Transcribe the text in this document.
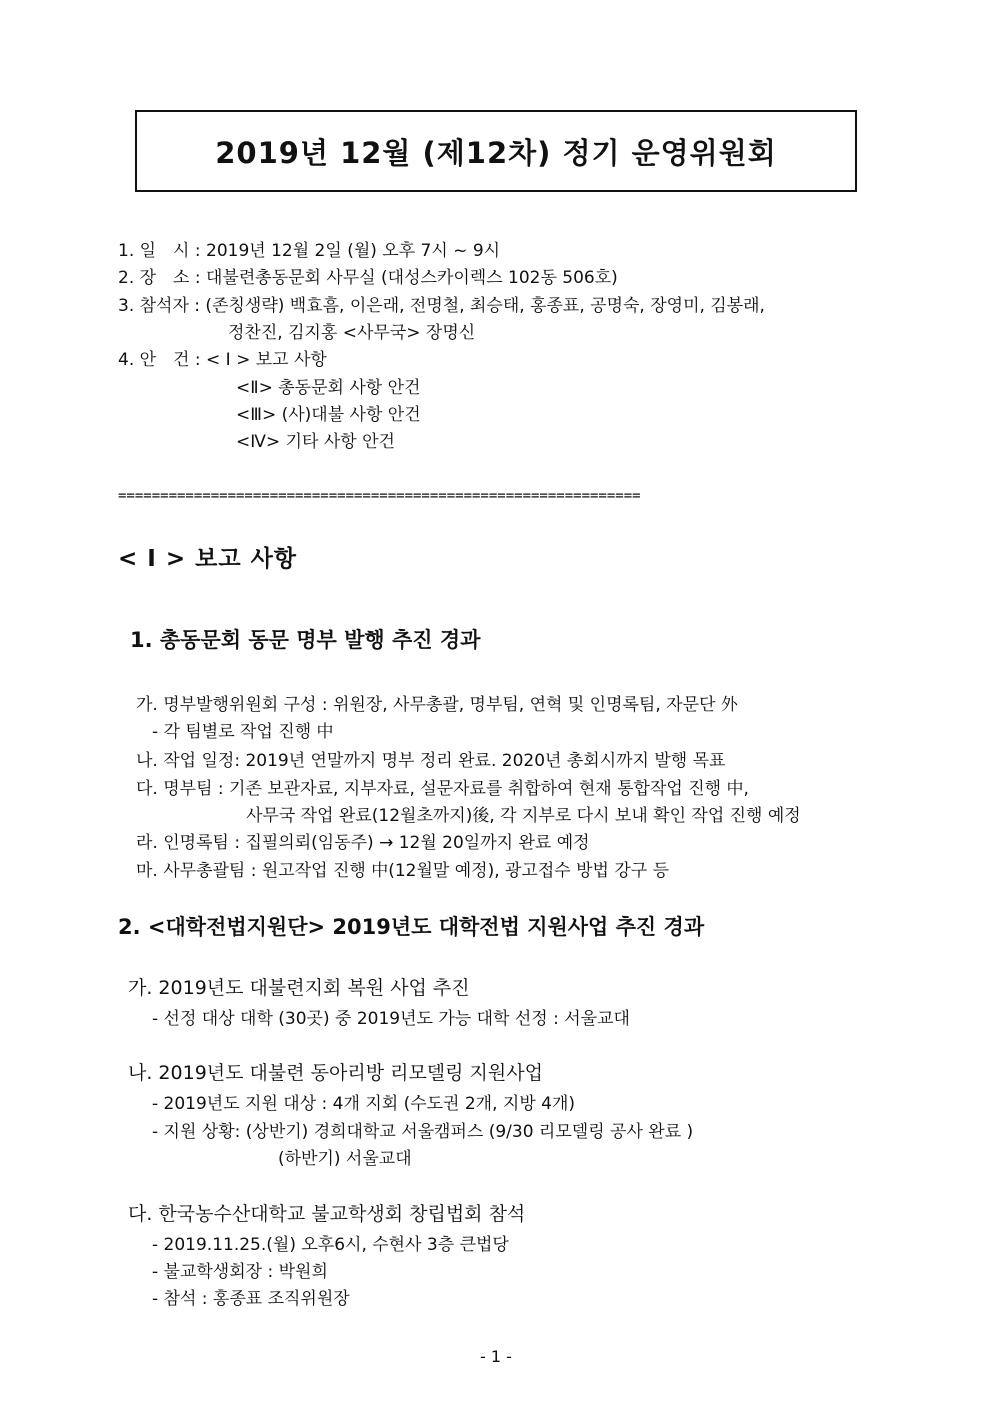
2019년 12월 (제12차) 정기 운영위원회
1. 일　시 : 2019년 12월 2일 (월) 오후 7시 ~ 9시
2. 장　소 : 대불련총동문회 사무실 (대성스카이렉스 102동 506호)
3. 참석자 : (존칭생략) 백효흠, 이은래, 전명철, 최승태, 홍종표, 공명숙, 장영미, 김봉래,
정찬진, 김지홍 <사무국> 장명신
4. 안　건 : < Ⅰ > 보고 사항
<Ⅱ> 총동문회 사항 안건
<Ⅲ> (사)대불 사항 안건
<Ⅳ> 기타 사항 안건
==============================================================
< Ⅰ > 보고 사항
1. 총동문회 동문 명부 발행 추진 경과
가. 명부발행위원회 구성 : 위원장, 사무총괄, 명부팀, 연혁 및 인명록팀, 자문단 外
- 각 팀별로 작업 진행 中
나. 작업 일정: 2019년 연말까지 명부 정리 완료. 2020년 총회시까지 발행 목표
다. 명부팀 : 기존 보관자료, 지부자료, 설문자료를 취합하여 현재 통합작업 진행 中,
사무국 작업 완료(12월초까지)後, 각 지부로 다시 보내 확인 작업 진행 예정
라. 인명록팀 : 집필의뢰(임동주) → 12월 20일까지 완료 예정
마. 사무총괄팀 : 원고작업 진행 中(12월말 예정), 광고접수 방법 강구 등
2. <대학전법지원단> 2019년도 대학전법 지원사업 추진 경과
가. 2019년도 대불련지회 복원 사업 추진
- 선정 대상 대학 (30곳) 중 2019년도 가능 대학 선정 : 서울교대
나. 2019년도 대불련 동아리방 리모델링 지원사업
- 2019년도 지원 대상 : 4개 지회 (수도권 2개, 지방 4개)
- 지원 상황: (상반기) 경희대학교 서울캠퍼스 (9/30 리모델링 공사 완료 )
(하반기) 서울교대
다. 한국농수산대학교 불교학생회 창립법회 참석
- 2019.11.25.(월) 오후6시, 수현사 3층 큰법당
- 불교학생회장 : 박원희
- 참석 : 홍종표 조직위원장
- 1 -
